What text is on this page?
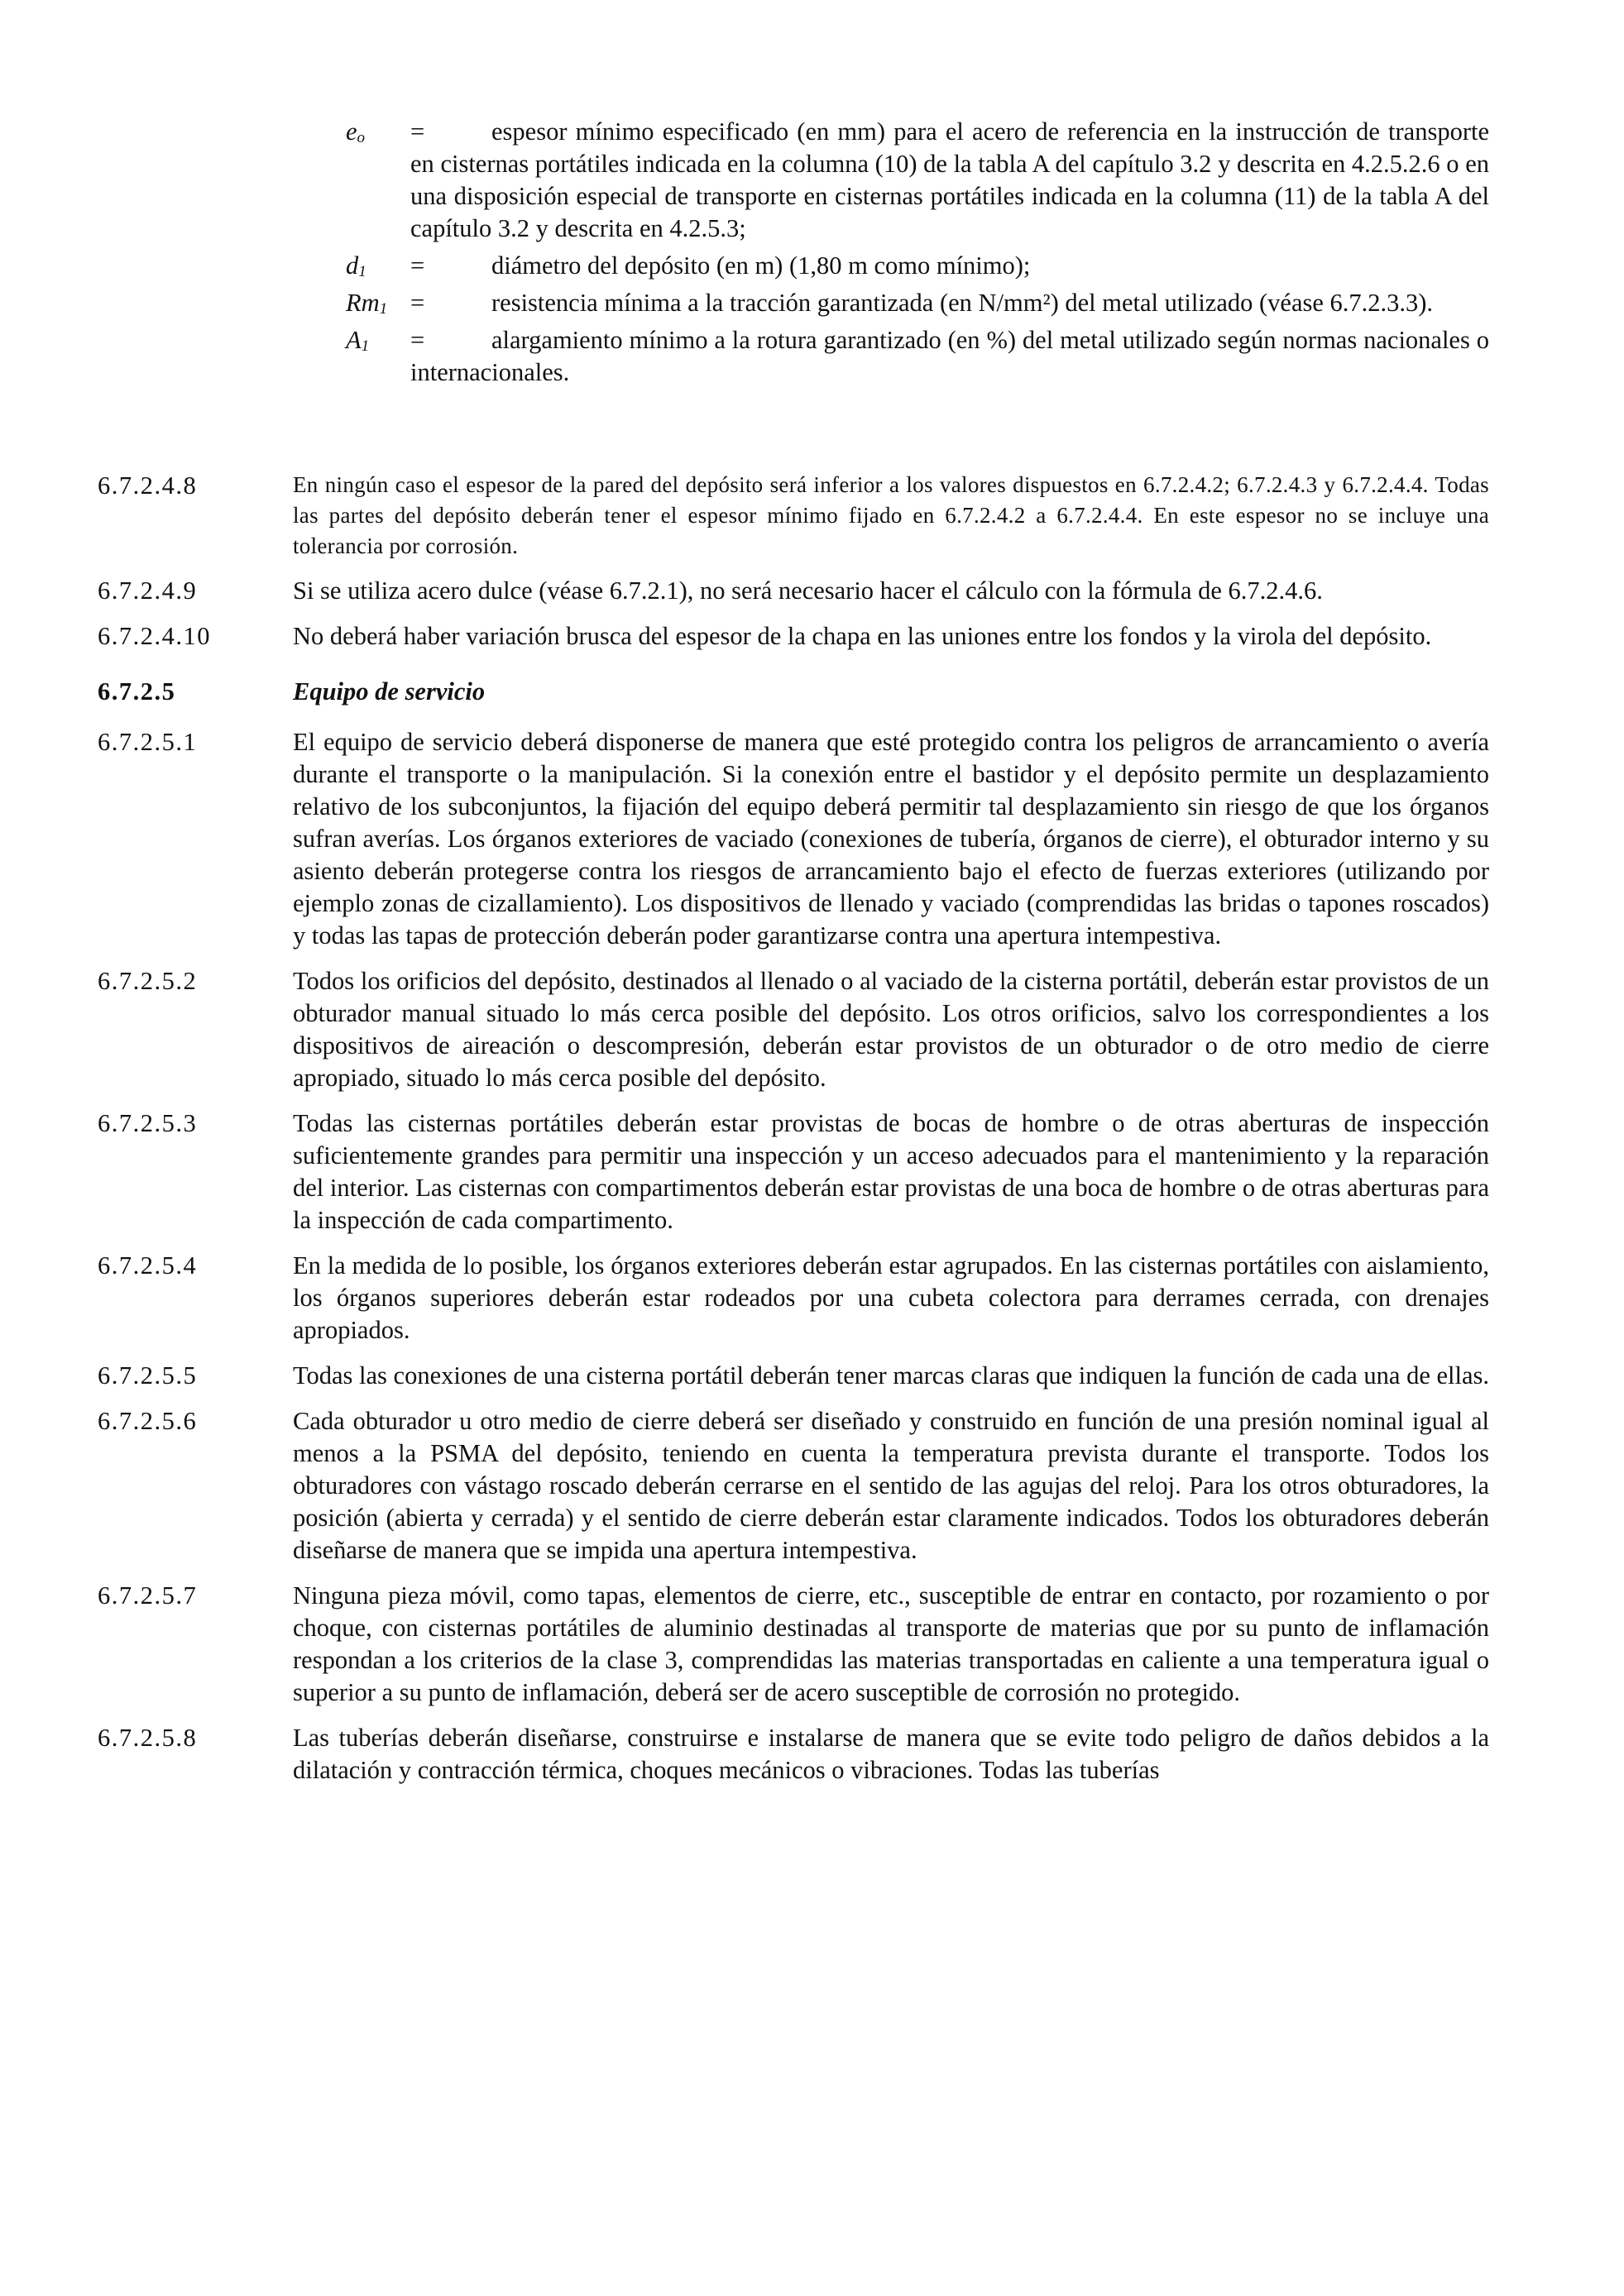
$e_o$	=	espesor mínimo especificado (en mm) para el acero de referencia en la instrucción de transporte en cisternas portátiles indicada en la columna (10) de la tabla A del capítulo 3.2 y descrita en 4.2.5.2.6 o en una disposición especial de transporte en cisternas portátiles indicada en la columna (11) de la tabla A del capítulo 3.2 y descrita en 4.2.5.3;
$d_1$	=	diámetro del depósito (en m) (1,80 m como mínimo);
$Rm_1$ =	resistencia mínima a la tracción garantizada (en N/mm²) del metal utilizado (véase 6.7.2.3.3).
$A_1$	=	alargamiento mínimo a la rotura garantizado (en %) del metal utilizado según normas nacionales o internacionales.
6.7.2.4.8	En ningún caso el espesor de la pared del depósito será inferior a los valores dispuestos en 6.7.2.4.2; 6.7.2.4.3 y 6.7.2.4.4. Todas las partes del depósito deberán tener el espesor mínimo fijado en 6.7.2.4.2 a 6.7.2.4.4. En este espesor no se incluye una tolerancia por corrosión.
6.7.2.4.9	Si se utiliza acero dulce (véase 6.7.2.1), no será necesario hacer el cálculo con la fórmula de 6.7.2.4.6.
6.7.2.4.10	No deberá haber variación brusca del espesor de la chapa en las uniones entre los fondos y la virola del depósito.
6.7.2.5	Equipo de servicio
6.7.2.5.1	El equipo de servicio deberá disponerse de manera que esté protegido contra los peligros de arrancamiento o avería durante el transporte o la manipulación. Si la conexión entre el bastidor y el depósito permite un desplazamiento relativo de los subconjuntos, la fijación del equipo deberá permitir tal desplazamiento sin riesgo de que los órganos sufran averías. Los órganos exteriores de vaciado (conexiones de tubería, órganos de cierre), el obturador interno y su asiento deberán protegerse contra los riesgos de arrancamiento bajo el efecto de fuerzas exteriores (utilizando por ejemplo zonas de cizallamiento). Los dispositivos de llenado y vaciado (comprendidas las bridas o tapones roscados) y todas las tapas de protección deberán poder garantizarse contra una apertura intempestiva.
6.7.2.5.2	Todos los orificios del depósito, destinados al llenado o al vaciado de la cisterna portátil, deberán estar provistos de un obturador manual situado lo más cerca posible del depósito. Los otros orificios, salvo los correspondientes a los dispositivos de aireación o descompresión, deberán estar provistos de un obturador o de otro medio de cierre apropiado, situado lo más cerca posible del depósito.
6.7.2.5.3	Todas las cisternas portátiles deberán estar provistas de bocas de hombre o de otras aberturas de inspección suficientemente grandes para permitir una inspección y un acceso adecuados para el mantenimiento y la reparación del interior. Las cisternas con compartimentos deberán estar provistas de una boca de hombre o de otras aberturas para la inspección de cada compartimento.
6.7.2.5.4	En la medida de lo posible, los órganos exteriores deberán estar agrupados. En las cisternas portátiles con aislamiento, los órganos superiores deberán estar rodeados por una cubeta colectora para derrames cerrada, con drenajes apropiados.
6.7.2.5.5	Todas las conexiones de una cisterna portátil deberán tener marcas claras que indiquen la función de cada una de ellas.
6.7.2.5.6	Cada obturador u otro medio de cierre deberá ser diseñado y construido en función de una presión nominal igual al menos a la PSMA del depósito, teniendo en cuenta la temperatura prevista durante el transporte. Todos los obturadores con vástago roscado deberán cerrarse en el sentido de las agujas del reloj. Para los otros obturadores, la posición (abierta y cerrada) y el sentido de cierre deberán estar claramente indicados. Todos los obturadores deberán diseñarse de manera que se impida una apertura intempestiva.
6.7.2.5.7	Ninguna pieza móvil, como tapas, elementos de cierre, etc., susceptible de entrar en contacto, por rozamiento o por choque, con cisternas portátiles de aluminio destinadas al transporte de materias que por su punto de inflamación respondan a los criterios de la clase 3, comprendidas las materias transportadas en caliente a una temperatura igual o superior a su punto de inflamación, deberá ser de acero susceptible de corrosión no protegido.
6.7.2.5.8	Las tuberías deberán diseñarse, construirse e instalarse de manera que se evite todo peligro de daños debidos a la dilatación y contracción térmica, choques mecánicos o vibraciones. Todas las tuberías
